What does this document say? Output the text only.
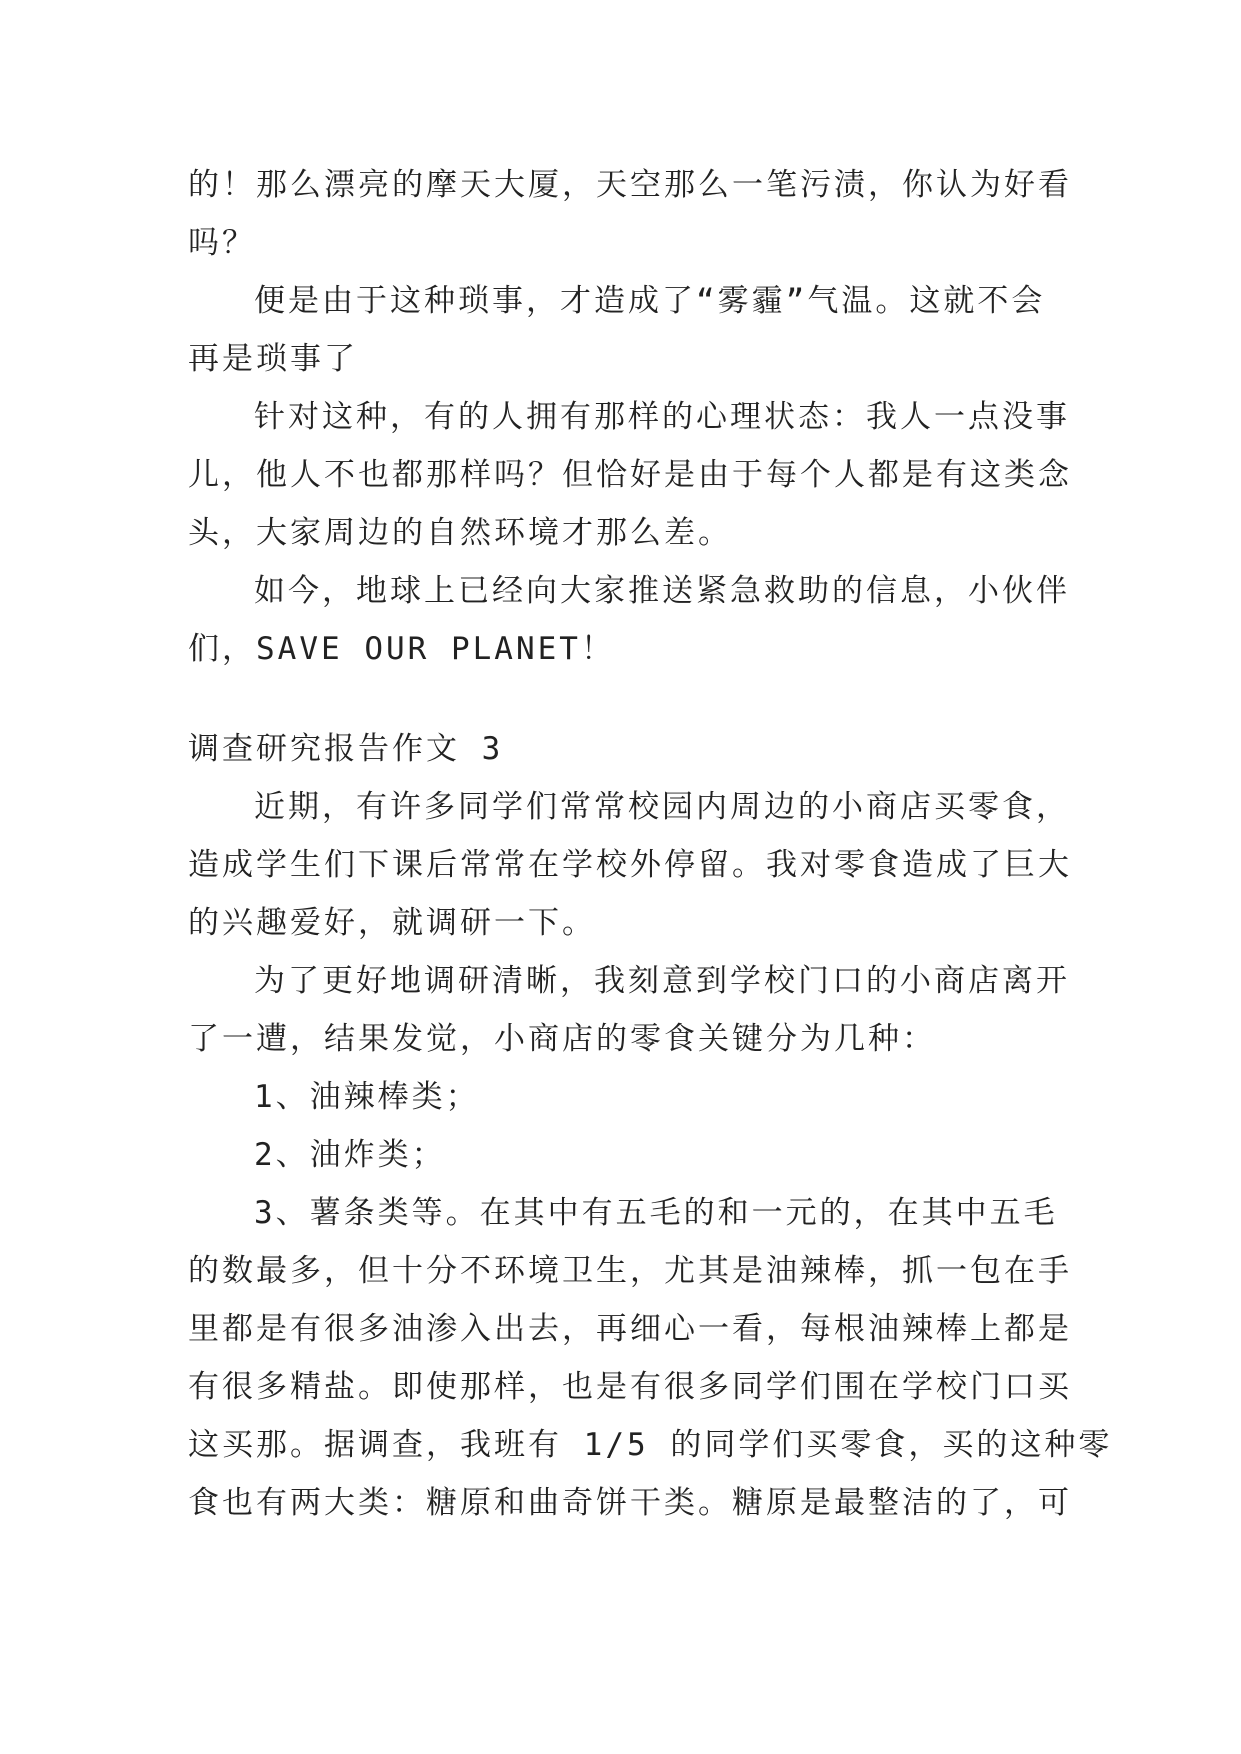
的！那么漂亮的摩天大厦，天空那么一笔污渍，你认为好看
吗？
便是由于这种琐事，才造成了“雾霾”气温。这就不会
再是琐事了
针对这种，有的人拥有那样的心理状态：我人一点没事
儿，他人不也都那样吗？但恰好是由于每个人都是有这类念
头，大家周边的自然环境才那么差。
如今，地球上已经向大家推送紧急救助的信息，小伙伴
们，SAVE OUR PLANET！
调查研究报告作文 3
近期，有许多同学们常常校园内周边的小商店买零食，
造成学生们下课后常常在学校外停留。我对零食造成了巨大
的兴趣爱好，就调研一下。
为了更好地调研清晰，我刻意到学校门口的小商店离开
了一遭，结果发觉，小商店的零食关键分为几种：
1、油辣棒类；
2、油炸类；
3、薯条类等。在其中有五毛的和一元的，在其中五毛
的数最多，但十分不环境卫生，尤其是油辣棒，抓一包在手
里都是有很多油渗入出去，再细心一看，每根油辣棒上都是
有很多精盐。即使那样，也是有很多同学们围在学校门口买
这买那。据调查，我班有 1/5 的同学们买零食，买的这种零
食也有两大类：糖原和曲奇饼干类。糖原是最整洁的了，可
